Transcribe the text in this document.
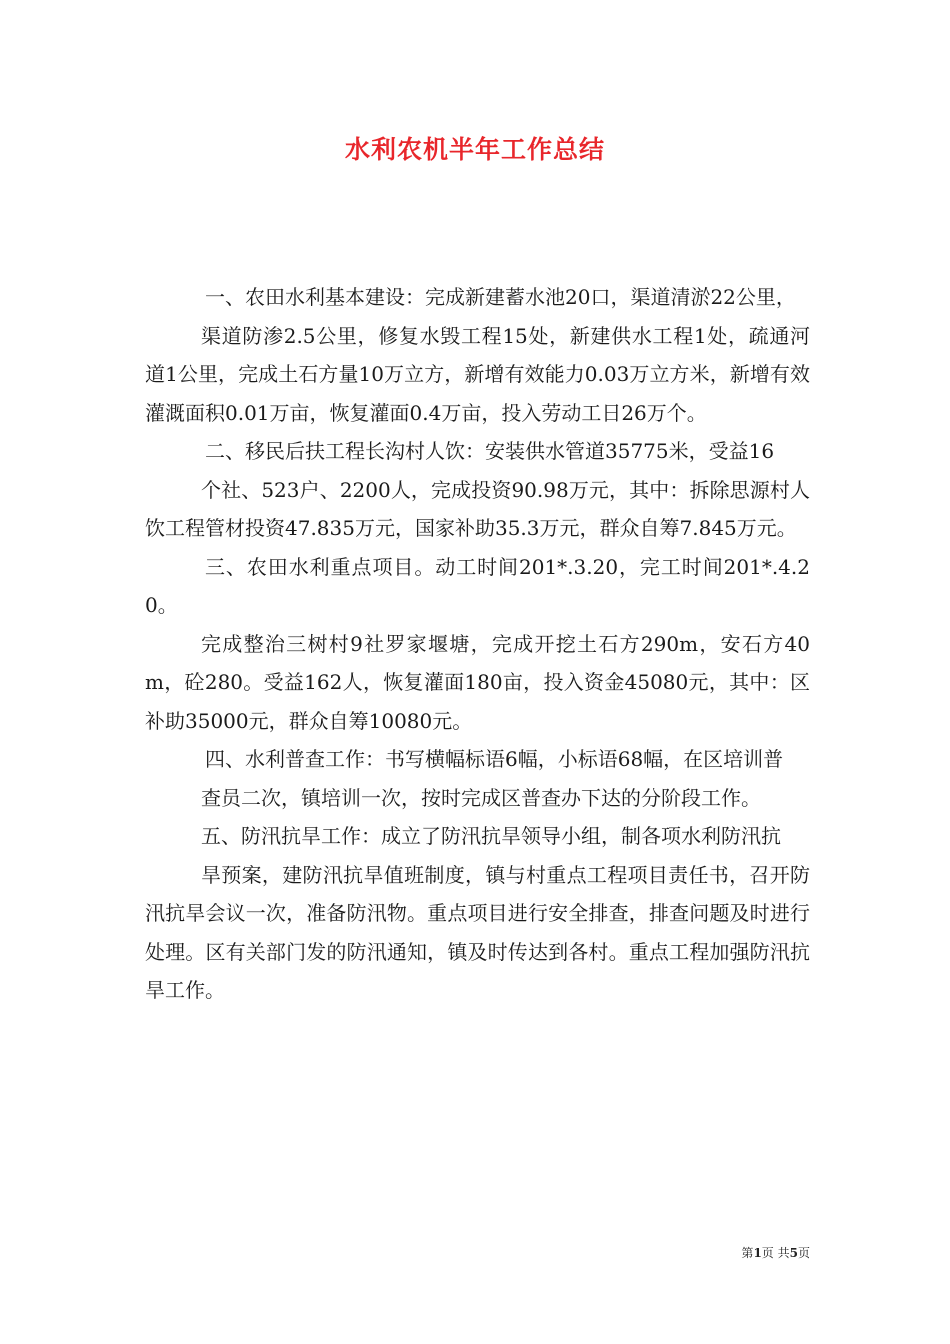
水利农机半年工作总结

一、农田水利基本建设：完成新建蓄水池20口，渠道清淤22公里，

渠道防渗2.5公里，修复水毁工程15处，新建供水工程1处，疏通河道1公里，完成土石方量10万立方，新增有效能力0.03万立方米，新增有效灌溉面积0.01万亩，恢复灌面0.4万亩，投入劳动工日26万个。

二、移民后扶工程长沟村人饮：安装供水管道35775米，受益16

个社、523户、2200人，完成投资90.98万元，其中：拆除思源村人饮工程管材投资47.835万元，国家补助35.3万元，群众自筹7.845万元。

三、农田水利重点项目。动工时间201*.3.20，完工时间201*.4.20。

完成整治三树村9社罗家堰塘，完成开挖土石方290m，安石方40m，砼280。受益162人，恢复灌面180亩，投入资金45080元，其中：区补助35000元，群众自筹10080元。

四、水利普查工作：书写横幅标语6幅，小标语68幅，在区培训普

查员二次，镇培训一次，按时完成区普查办下达的分阶段工作。

五、防汛抗旱工作：成立了防汛抗旱领导小组，制各项水利防汛抗

旱预案，建防汛抗旱值班制度，镇与村重点工程项目责任书，召开防汛抗旱会议一次，准备防汛物。重点项目进行安全排查，排查问题及时进行处理。区有关部门发的防汛通知，镇及时传达到各村。重点工程加强防汛抗旱工作。

第1页 共5页
